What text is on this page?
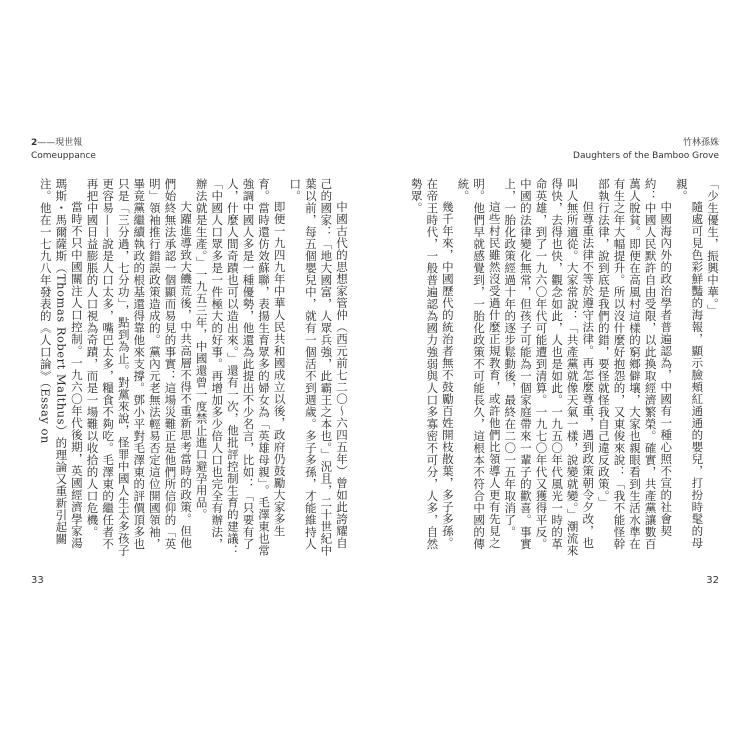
2——現世報
Comeuppance

中國古代的思想家管仲（西元前七二〇～六四五年）曾如此誇耀自己的國家：「地大國富，人眾兵強，此霸王之本也。」況且，二十世紀中葉以前，每五個嬰兒中，就有一個活不到週歲。多子多孫，才能維持人口。

即便一九四九年中華人民共和國成立以後，政府仍鼓勵大家多生育。當時還仿效蘇聯，表揚生育眾多的婦女為「英雄母親」。毛澤東也常強調中國人多是一種優勢，他還為此提出不少名言，比如：「只要有了人，什麼人間奇蹟也可以造出來。」還有一次，他批評控制生育的建議：「中國人口眾多是一件極大的好事。再增加多少倍人口也完全有辦法，辦法就是生產。」一九五三年，中國還曾一度禁止進口避孕用品。

大躍進導致大饑荒後，中共高層不得不重新思考當時的政策。但他們始終無法承認一個顯而易見的事實：這場災難正是他們所信仰的「英明」領袖推行錯誤政策造成的。黨內元老無法輕易否定這位開國領袖，畢竟黨繼續執政的根基還得靠他來支撐。鄧小平對毛澤東的評價頂多也只是「三分過，七分功」，點到為止。對黨來說，怪罪中國人生太多孩子更容易——說是人口太多，嘴巴太多，糧食不夠吃。毛澤東的繼任者不再把中國日益膨脹的人口視為奇蹟，而是一場難以收拾的人口危機。

當時不只中國關注人口控制。一九六〇年代後期，英國經濟學家湯瑪斯・馬爾薩斯（Thomas Robert Malthus）的理論又重新引起關注。他在一七九八年發表的《人口論》（Essay on

33
竹林孫姝
Daughters of the Bamboo Grove

「少生優生，振興中華。」

隨處可見色彩鮮豔的海報，顯示臉頰紅通通的嬰兒，打扮時髦的母親。

中國海內外的政治學者普遍認為，中國有一種心照不宣的社會契約：中國人民默許自由受限，以此換取經濟繁榮。確實，共產黨讓數百萬人脫貧。即便在高風村這樣的窮鄉僻壤，大家也親眼看到生活水準在有生之年大幅提升。所以沒什麼好抱怨的，又東俊來說：「我不能怪幹部執行法律，說到底是我們的錯，要怪就怪我自己違反政策。」

但尊重法律不等於遵守法律。再怎麼尊重，遇到政策朝令夕改，也叫人無所適從。大家常說：「共產黨就像天氣一樣，說變就變。」潮流來得快，去得也快，觀念如此，人也是如此。一九五〇年代風光一時的革命英雄，到了一九六〇年代可能遭到清算。一九七〇年代又獲得平反。中國的法律變化無常，但孩子可能為一個家庭帶來一輩子的歡喜。事實上，一胎化政策經過十年的逐步鬆動後，最終在二〇一五年取消了。

這些村民雖然沒受過什麼正規教育，或許他們比領導人更有先見之明。他們早就感覺到，一胎化政策不可能長久，這根本不符合中國的傳統。

幾千年來，中國歷代的統治者無不鼓勵百姓開枝散葉，多子多孫。在帝王時代，一般普遍認為國力強弱與人口多寡密不可分，人多，自然勢眾。

32
